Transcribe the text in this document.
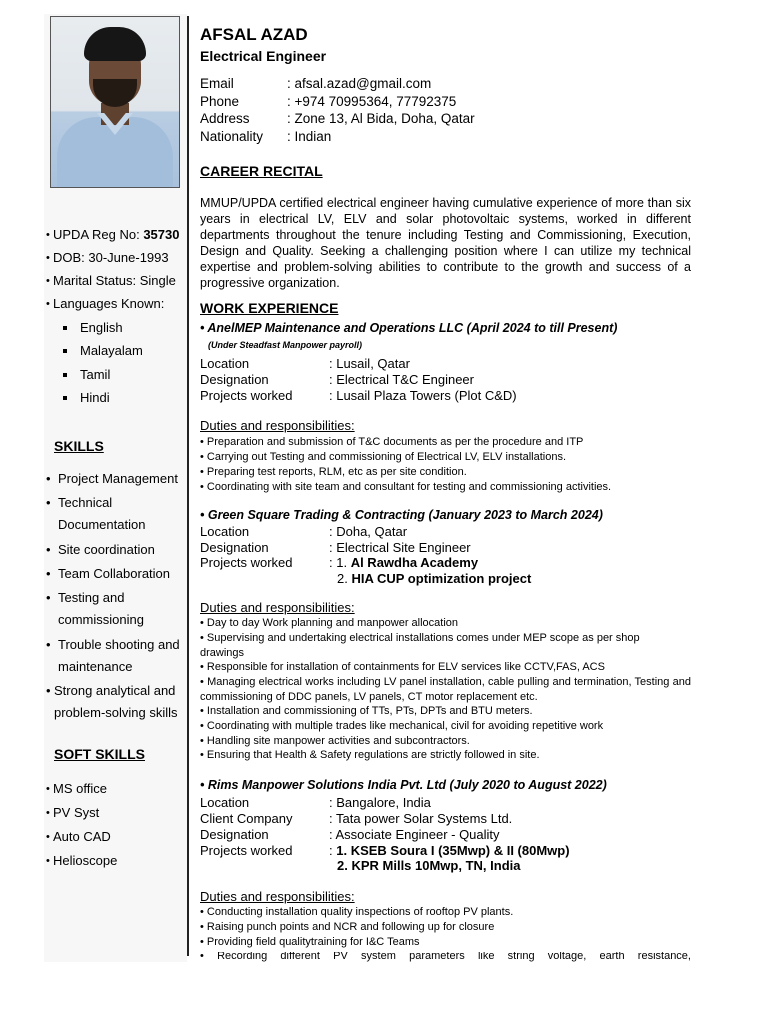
UPDA Reg No: 35730
DOB: 30-June-1993
Marital Status: Single
Languages Known:
English
Malayalam
Tamil
Hindi
SKILLS
Project Management
Technical Documentation
Site coordination
Team Collaboration
Testing and commissioning
Trouble shooting and maintenance
Strong analytical and problem-solving skills
SOFT SKILLS
MS office
PV Syst
Auto CAD
Helioscope
AFSAL AZAD
Electrical Engineer
Email	: afsal.azad@gmail.com
Phone	: +974 70995364, 77792375
Address	: Zone 13, Al Bida, Doha, Qatar
Nationality : Indian
CAREER RECITAL
MMUP/UPDA certified electrical engineer having cumulative experience of more than six years in electrical LV, ELV and solar photovoltaic systems, worked in different departments throughout the tenure including Testing and Commissioning, Execution, Design and Quality. Seeking a challenging position where I can utilize my technical expertise and problem-solving abilities to contribute to the growth and success of a progressive organization.
WORK EXPERIENCE
• AnelMEP Maintenance and Operations LLC (April 2024 to till Present)
(Under Steadfast Manpower payroll)
Location	: Lusail, Qatar
Designation	: Electrical T&C Engineer
Projects worked	: Lusail Plaza Towers (Plot C&D)
Duties and responsibilities:
• Preparation and submission of T&C documents as per the procedure and ITP
• Carrying out Testing and commissioning of Electrical LV, ELV installations.
• Preparing test reports, RLM, etc as per site condition.
• Coordinating with site team and consultant for testing and commissioning activities.
• Green Square Trading & Contracting (January 2023 to March 2024)
Location	: Doha, Qatar
Designation	: Electrical Site Engineer
Projects worked	: 1. Al Rawdha Academy
2. HIA CUP optimization project
Duties and responsibilities:
• Day to day Work planning and manpower allocation
• Supervising and undertaking electrical installations comes under MEP scope as per shop drawings
• Responsible for installation of containments for ELV services like CCTV,FAS, ACS
• Managing electrical works including LV panel installation, cable pulling and termination, Testing and commissioning of DDC panels, LV panels, CT motor replacement etc.
• Installation and commissioning of TTs, PTs, DPTs and BTU meters.
• Coordinating with multiple trades like mechanical, civil for avoiding repetitive work
• Handling site manpower activities and subcontractors.
• Ensuring that Health & Safety regulations are strictly followed in site.
• Rims Manpower Solutions India Pvt. Ltd (July 2020 to August 2022)
Location	: Bangalore, India
Client Company	: Tata power Solar Systems Ltd.
Designation	: Associate Engineer - Quality
Projects worked	: 1. KSEB Soura I (35Mwp) & II (80Mwp)
2. KPR Mills 10Mwp, TN, India
Duties and responsibilities:
• Conducting installation quality inspections of rooftop PV plants.
• Raising punch points and NCR and following up for closure
• Providing field qualitytraining for I&C Teams
• Recording different PV system parameters like string voltage, earth resistance,
